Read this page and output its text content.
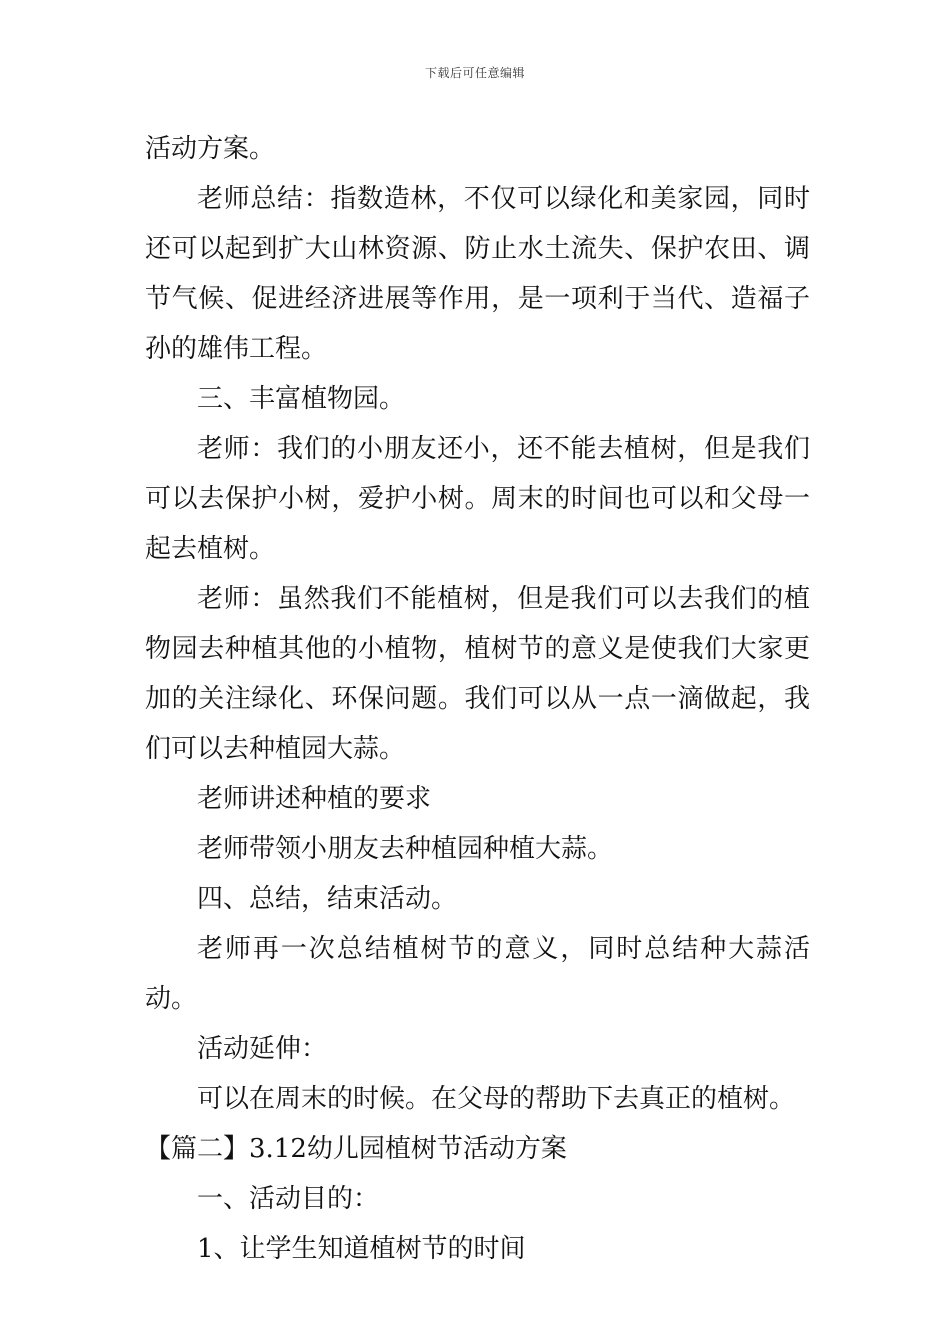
下载后可任意编辑

活动方案。

老师总结：指数造林，不仅可以绿化和美家园，同时还可以起到扩大山林资源、防止水土流失、保护农田、调节气候、促进经济进展等作用，是一项利于当代、造福子孙的雄伟工程。

三、丰富植物园。

老师：我们的小朋友还小，还不能去植树，但是我们可以去保护小树，爱护小树。周末的时间也可以和父母一起去植树。

老师：虽然我们不能植树，但是我们可以去我们的植物园去种植其他的小植物，植树节的意义是使我们大家更加的关注绿化、环保问题。我们可以从一点一滴做起，我们可以去种植园大蒜。

老师讲述种植的要求

老师带领小朋友去种植园种植大蒜。

四、总结，结束活动。

老师再一次总结植树节的意义，同时总结种大蒜活动。

活动延伸：

可以在周末的时候。在父母的帮助下去真正的植树。

【篇二】3.12幼儿园植树节活动方案

一、活动目的：

1、让学生知道植树节的时间
